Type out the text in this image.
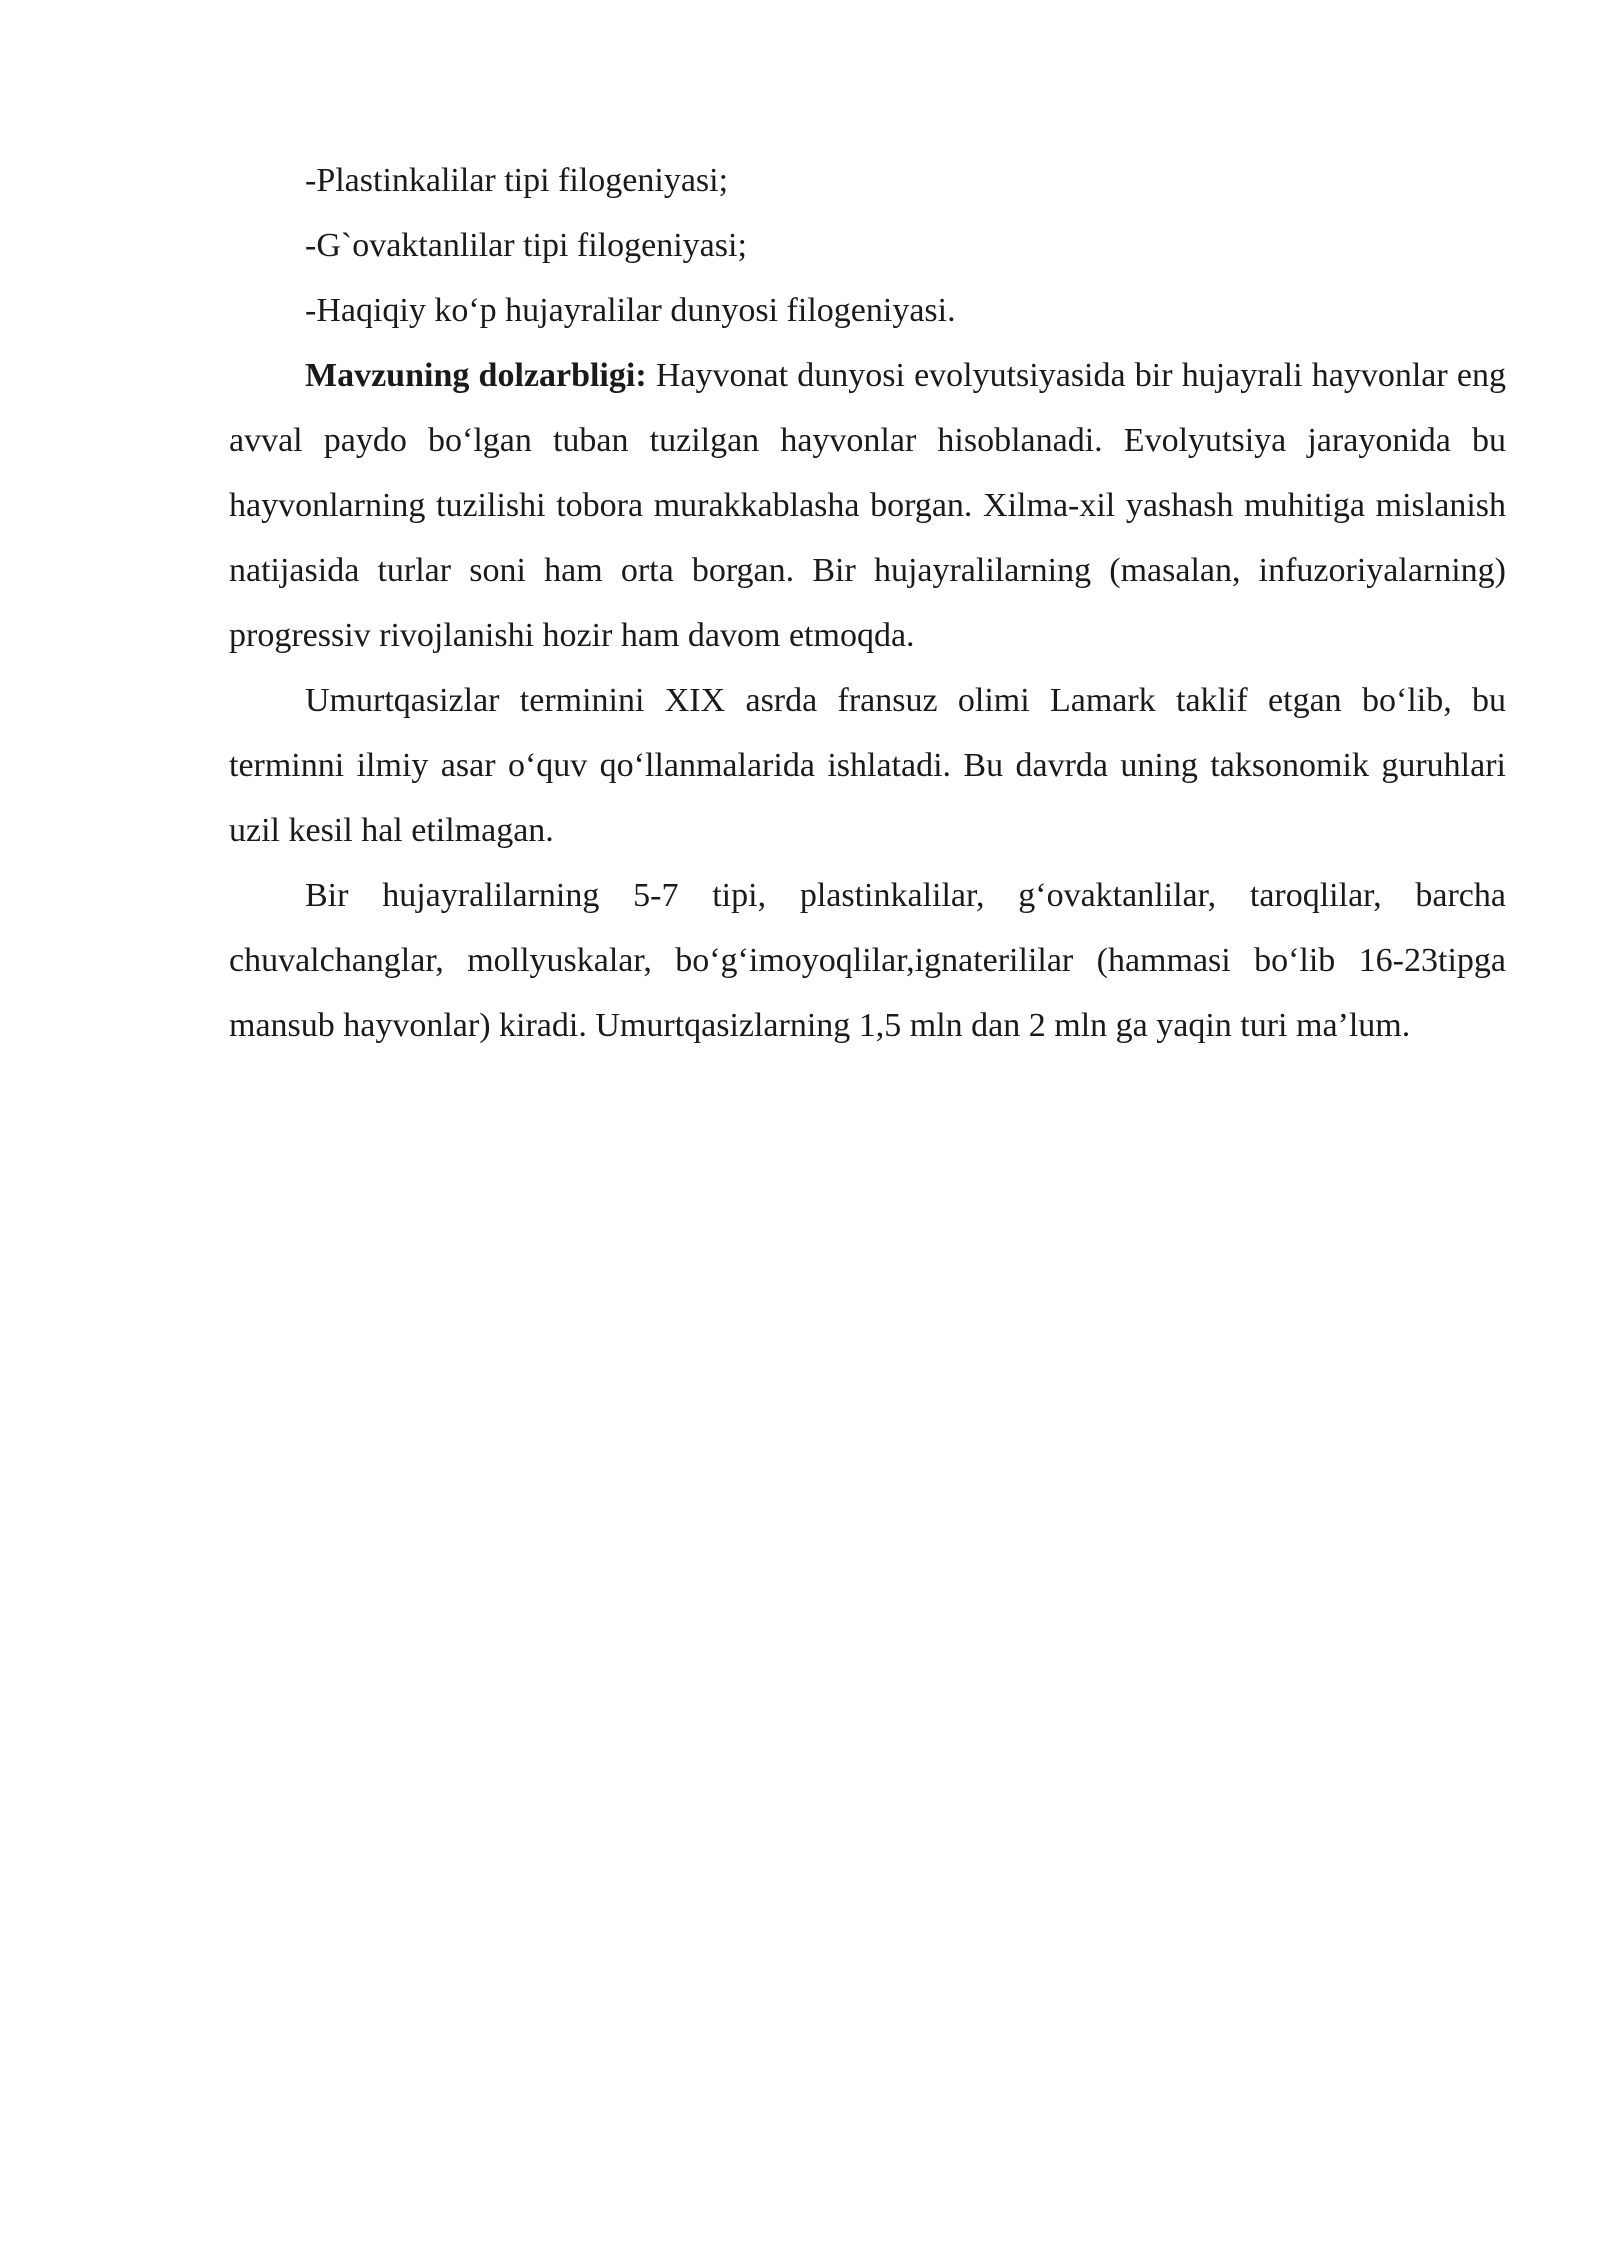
-Plastinkalilar tipi filogeniyasi;

-G`ovaktanlilar tipi filogeniyasi;

-Haqiqiy ko‘p hujayralilar dunyosi filogeniyasi.

Mavzuning dolzarbligi: Hayvonat dunyosi evolyutsiyasida bir hujayrali hayvonlar eng avval paydo bo‘lgan tuban tuzilgan hayvonlar hisoblanadi. Evolyutsiya jarayonida bu hayvonlarning tuzilishi tobora murakkablasha borgan. Xilma-xil yashash muhitiga mislanish natijasida turlar soni ham orta borgan. Bir hujayralilarning (masalan, infuzoriyalarning) progressiv rivojlanishi hozir ham davom etmoqda.

Umurtqasizlar terminini XIX asrda fransuz olimi Lamark taklif etgan bo‘lib, bu terminni ilmiy asar o‘quv qo‘llanmalarida ishlatadi. Bu davrda uning taksonomik guruhlari uzil kesil hal etilmagan.

Bir hujayralilarning 5-7 tipi, plastinkalilar, g‘ovaktanlilar, taroqlilar, barcha chuvalchanglar, mollyuskalar, bo‘g‘imoyoqlilar,ignaterililar (hammasi bo‘lib 16-23tipga mansub hayvonlar) kiradi. Umurtqasizlarning 1,5 mln dan 2 mln ga yaqin turi ma’lum.
